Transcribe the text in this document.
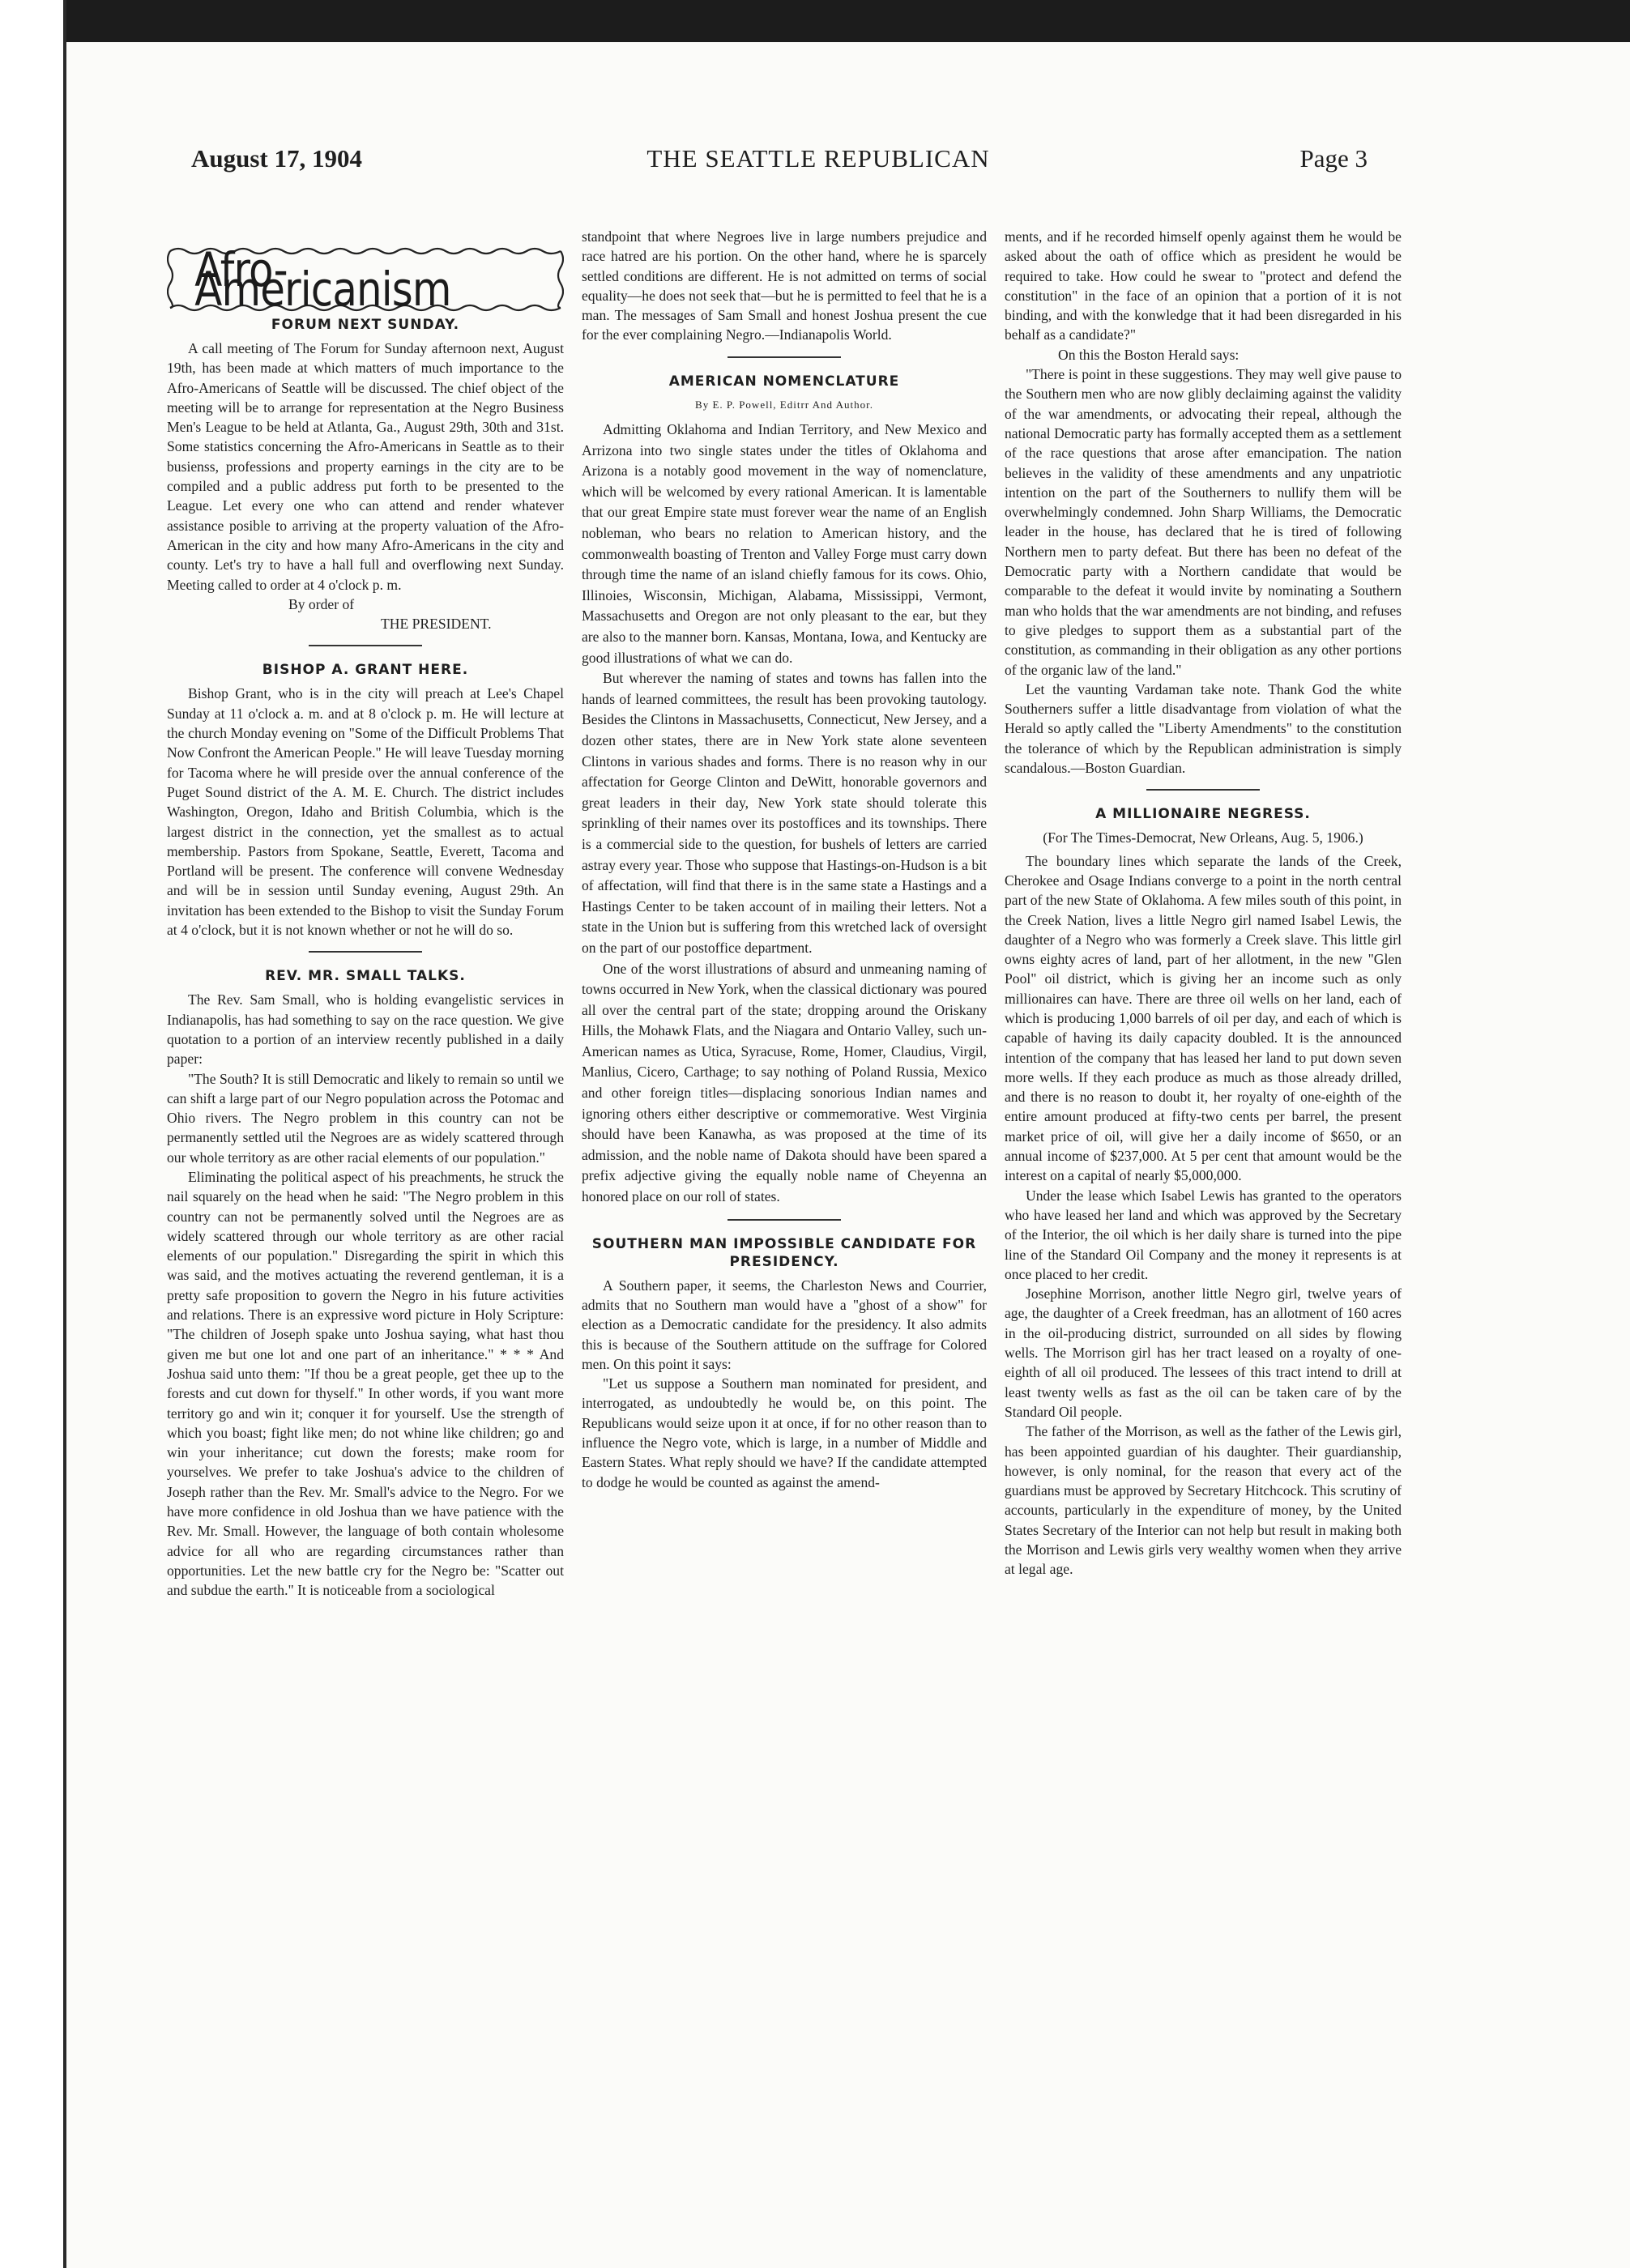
August 17, 1904	THE SEATTLE REPUBLICAN	Page 3
Afro-Americanism
FORUM NEXT SUNDAY.

A call meeting of The Forum for Sunday afternoon next, August 19th, has been made at which matters of much importance to the Afro-Americans of Seattle will be discussed. The chief object of the meeting will be to arrange for representation at the Negro Business Men's League to be held at Atlanta, Ga., August 29th, 30th and 31st. Some statistics concerning the Afro-Americans in Seattle as to their busienss, professions and property earnings in the city are to be compiled and a public address put forth to be presented to the League. Let every one who can attend and render whatever assistance posible to arriving at the property valuation of the Afro-American in the city and how many Afro-Americans in the city and county. Let's try to have a hall full and overflowing next Sunday. Meeting called to order at 4 o'clock p. m.

By order of

THE PRESIDENT.

BISHOP A. GRANT HERE.

Bishop Grant, who is in the city will preach at Lee's Chapel Sunday at 11 o'clock a. m. and at 8 o'clock p. m. He will lecture at the church Monday evening on "Some of the Difficult Problems That Now Confront the American People." He will leave Tuesday morning for Tacoma where he will preside over the annual conference of the Puget Sound district of the A. M. E. Church. The district includes Washington, Oregon, Idaho and British Columbia, which is the largest district in the connection, yet the smallest as to actual membership. Pastors from Spokane, Seattle, Everett, Tacoma and Portland will be present. The conference will convene Wednesday and will be in session until Sunday evening, August 29th. An invitation has been extended to the Bishop to visit the Sunday Forum at 4 o'clock, but it is not known whether or not he will do so.

REV. MR. SMALL TALKS.

The Rev. Sam Small, who is holding evangelistic services in Indianapolis, has had something to say on the race question. We give quotation to a portion of an interview recently published in a daily paper:

"The South? It is still Democratic and likely to remain so until we can shift a large part of our Negro population across the Potomac and Ohio rivers. The Negro problem in this country can not be permanently settled util the Negroes are as widely scattered through our whole territory as are other racial elements of our population."

Eliminating the political aspect of his preachments, he struck the nail squarely on the head when he said: "The Negro problem in this country can not be permanently solved until the Negroes are as widely scattered through our whole territory as are other racial elements of our population." Disregarding the spirit in which this was said, and the motives actuating the reverend gentleman, it is a pretty safe proposition to govern the Negro in his future activities and relations. There is an expressive word picture in Holy Scripture: "The children of Joseph spake unto Joshua saying, what hast thou given me but one lot and one part of an inheritance." * * * And Joshua said unto them: "If thou be a great people, get thee up to the forests and cut down for thyself." In other words, if you want more territory go and win it; conquer it for yourself. Use the strength of which you boast; fight like men; do not whine like children; go and win your inheritance; cut down the forests; make room for yourselves. We prefer to take Joshua's advice to the children of Joseph rather than the Rev. Mr. Small's advice to the Negro. For we have more confidence in old Joshua than we have patience with the Rev. Mr. Small. However, the language of both contain wholesome advice for all who are regarding circumstances rather than opportunities. Let the new battle cry for the Negro be: "Scatter out and subdue the earth." It is noticeable from a sociological

standpoint that where Negroes live in large numbers prejudice and race hatred are his portion. On the other hand, where he is sparcely settled conditions are different. He is not admitted on terms of social equality—he does not seek that—but he is permitted to feel that he is a man. The messages of Sam Small and honest Joshua present the cue for the ever complaining Negro.—Indianapolis World.

AMERICAN NOMENCLATURE
By E. P. Powell, Editrr And Author.

Admitting Oklahoma and Indian Territory, and New Mexico and Arrizona into two single states under the titles of Oklahoma and Arizona is a notably good movement in the way of nomenclature, which will be welcomed by every rational American. It is lamentable that our great Empire state must forever wear the name of an English nobleman, who bears no relation to American history, and the commonwealth boasting of Trenton and Valley Forge must carry down through time the name of an island chiefly famous for its cows. Ohio, Illinoies, Wisconsin, Michigan, Alabama, Mississippi, Vermont, Massachusetts and Oregon are not only pleasant to the ear, but they are also to the manner born. Kansas, Montana, Iowa, and Kentucky are good illustrations of what we can do.

But wherever the naming of states and towns has fallen into the hands of learned committees, the result has been provoking tautology. Besides the Clintons in Massachusetts, Connecticut, New Jersey, and a dozen other states, there are in New York state alone seventeen Clintons in various shades and forms. There is no reason why in our affectation for George Clinton and DeWitt, honorable governors and great leaders in their day, New York state should tolerate this sprinkling of their names over its postoffices and its townships. There is a commercial side to the question, for bushels of letters are carried astray every year. Those who suppose that Hastings-on-Hudson is a bit of affectation, will find that there is in the same state a Hastings and a Hastings Center to be taken account of in mailing their letters. Not a state in the Union but is suffering from this wretched lack of oversight on the part of our postoffice department.

One of the worst illustrations of absurd and unmeaning naming of towns occurred in New York, when the classical dictionary was poured all over the central part of the state; dropping around the Oriskany Hills, the Mohawk Flats, and the Niagara and Ontario Valley, such un-American names as Utica, Syracuse, Rome, Homer, Claudius, Virgil, Manlius, Cicero, Carthage; to say nothing of Poland Russia, Mexico and other foreign titles—displacing sonorious Indian names and ignoring others either descriptive or commemorative. West Virginia should have been Kanawha, as was proposed at the time of its admission, and the noble name of Dakota should have been spared a prefix adjective giving the equally noble name of Cheyenna an honored place on our roll of states.

SOUTHERN MAN IMPOSSIBLE CANDIDATE FOR PRESIDENCY.

A Southern paper, it seems, the Charleston News and Courrier, admits that no Southern man would have a "ghost of a show" for election as a Democratic candidate for the presidency. It also admits this is because of the Southern attitude on the suffrage for Colored men. On this point it says:

"Let us suppose a Southern man nominated for president, and interrogated, as undoubtedly he would be, on this point. The Republicans would seize upon it at once, if for no other reason than to influence the Negro vote, which is large, in a number of Middle and Eastern States. What reply should we have? If the candidate attempted to dodge he would be counted as against the amend-

ments, and if he recorded himself openly against them he would be asked about the oath of office which as president he would be required to take. How could he swear to "protect and defend the constitution" in the face of an opinion that a portion of it is not binding, and with the konwledge that it had been disregarded in his behalf as a candidate?"

On this the Boston Herald says:

"There is point in these suggestions. They may well give pause to the Southern men who are now glibly declaiming against the validity of the war amendments, or advocating their repeal, although the national Democratic party has formally accepted them as a settlement of the race questions that arose after emancipation. The nation believes in the validity of these amendments and any unpatriotic intention on the part of the Southerners to nullify them will be overwhelmingly condemned. John Sharp Williams, the Democratic leader in the house, has declared that he is tired of following Northern men to party defeat. But there has been no defeat of the Democratic party with a Northern candidate that would be comparable to the defeat it would invite by nominating a Southern man who holds that the war amendments are not binding, and refuses to give pledges to support them as a substantial part of the constitution, as commanding in their obligation as any other portions of the organic law of the land."

Let the vaunting Vardaman take note. Thank God the white Southerners suffer a little disadvantage from violation of what the Herald so aptly called the "Liberty Amendments" to the constitution the tolerance of which by the Republican administration is simply scandalous.—Boston Guardian.

A MILLIONAIRE NEGRESS.

(For The Times-Democrat, New Orleans, Aug. 5, 1906.)

The boundary lines which separate the lands of the Creek, Cherokee and Osage Indians converge to a point in the north central part of the new State of Oklahoma. A few miles south of this point, in the Creek Nation, lives a little Negro girl named Isabel Lewis, the daughter of a Negro who was formerly a Creek slave. This little girl owns eighty acres of land, part of her allotment, in the new "Glen Pool" oil district, which is giving her an income such as only millionaires can have. There are three oil wells on her land, each of which is producing 1,000 barrels of oil per day, and each of which is capable of having its daily capacity doubled. It is the announced intention of the company that has leased her land to put down seven more wells. If they each produce as much as those already drilled, and there is no reason to doubt it, her royalty of one-eighth of the entire amount produced at fifty-two cents per barrel, the present market price of oil, will give her a daily income of $650, or an annual income of $237,000. At 5 per cent that amount would be the interest on a capital of nearly $5,000,000.

Under the lease which Isabel Lewis has granted to the operators who have leased her land and which was approved by the Secretary of the Interior, the oil which is her daily share is turned into the pipe line of the Standard Oil Company and the money it represents is at once placed to her credit.

Josephine Morrison, another little Negro girl, twelve years of age, the daughter of a Creek freedman, has an allotment of 160 acres in the oil-producing district, surrounded on all sides by flowing wells. The Morrison girl has her tract leased on a royalty of one-eighth of all oil produced. The lessees of this tract intend to drill at least twenty wells as fast as the oil can be taken care of by the Standard Oil people.

The father of the Morrison, as well as the father of the Lewis girl, has been appointed guardian of his daughter. Their guardianship, however, is only nominal, for the reason that every act of the guardians must be approved by Secretary Hitchcock. This scrutiny of accounts, particularly in the expenditure of money, by the United States Secretary of the Interior can not help but result in making both the Morrison and Lewis girls very wealthy women when they arrive at legal age.
